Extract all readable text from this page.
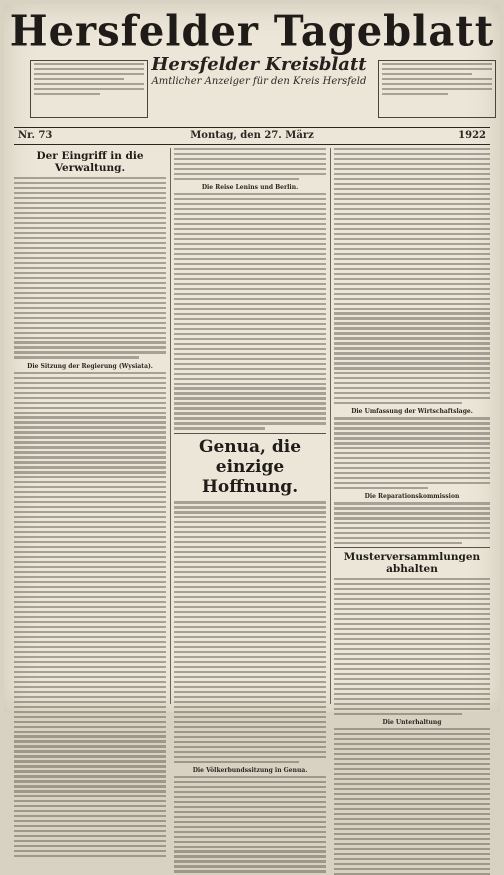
Hersfelder Tageblatt
Hersfelder Kreisblatt
Amtlicher Anzeiger für den Kreis Hersfeld
Nr. 73	Montag, den 27. März	1922
Der Eingriff in die Verwaltung.
Die Sitzung der Regierung (Wysiata).
Die Reise Lenins und Berlin.
Genua, die einzige Hoffnung.
Die Völkerbundssitzung in Genua.
Die Umfassung der Wirtschaftslage.
Die Reparationskommission
Musterversammlungen abhalten
Die Unterhaltung
